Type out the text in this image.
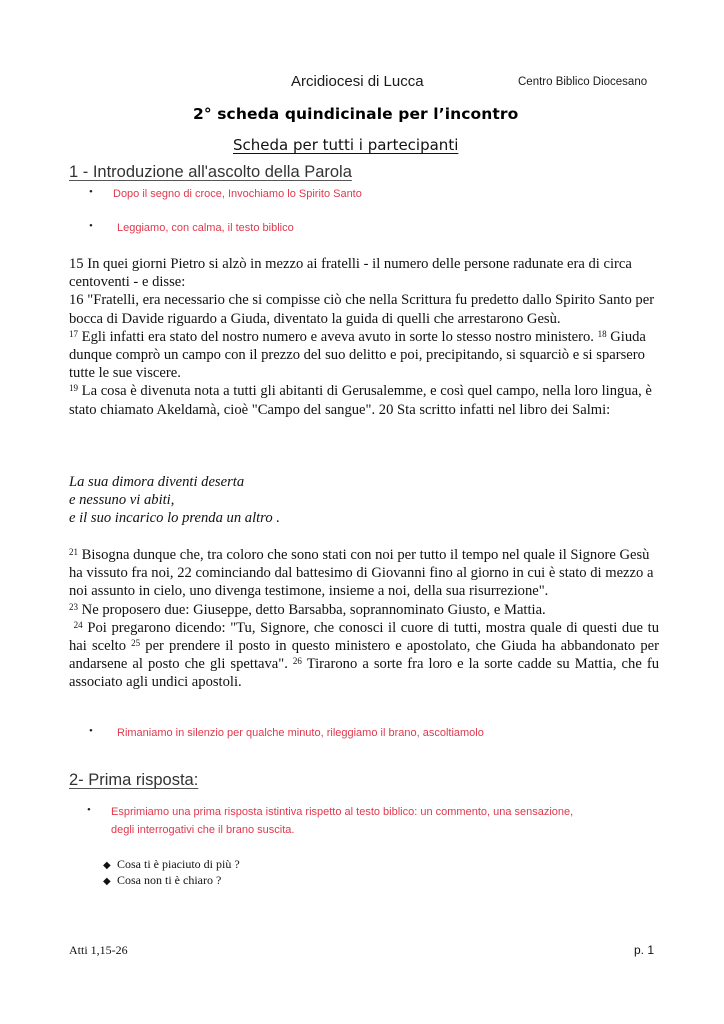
Arcidiocesi di Lucca	Centro Biblico Diocesano
2° scheda quindicinale per l’incontro
Scheda per tutti i partecipanti
1 - Introduzione all'ascolto della Parola
• Dopo il segno di croce, Invochiamo lo Spirito Santo
• Leggiamo, con calma, il testo biblico

15 In quei giorni Pietro si alzò in mezzo ai fratelli - il numero delle persone radunate era di circa centoventi - e disse:

16 "Fratelli, era necessario che si compisse ciò che nella Scrittura fu predetto dallo Spirito Santo per bocca di Davide riguardo a Giuda, diventato la guida di quelli che arrestarono Gesù.

$^{17}$ Egli infatti era stato del nostro numero e aveva avuto in sorte lo stesso nostro ministero. $^{18}$ Giuda dunque comprò un campo con il prezzo del suo delitto e poi, precipitando, si squarciò e si sparsero tutte le sue viscere.

$^{19}$ La cosa è divenuta nota a tutti gli abitanti di Gerusalemme, e così quel campo, nella loro lingua, è stato chiamato Akeldamà, cioè "Campo del sangue". 20 Sta scritto infatti nel libro dei Salmi:

La sua dimora diventi deserta

e nessuno vi abiti,

e il suo incarico lo prenda un altro .

$^{21}$ Bisogna dunque che, tra coloro che sono stati con noi per tutto il tempo nel quale il Signore Gesù ha vissuto fra noi, 22 cominciando dal battesimo di Giovanni fino al giorno in cui è stato di mezzo a noi assunto in cielo, uno divenga testimone, insieme a noi, della sua risurrezione".

$^{23}$ Ne proposero due: Giuseppe, detto Barsabba, soprannominato Giusto, e Mattia.

$^{24}$ Poi pregarono dicendo: "Tu, Signore, che conosci il cuore di tutti, mostra quale di questi due tu hai scelto $^{25}$ per prendere il posto in questo ministero e apostolato, che Giuda ha abbandonato per andarsene al posto che gli spettava". $^{26}$ Tirarono a sorte fra loro e la sorte cadde su Mattia, che fu associato agli undici apostoli.

• Rimaniamo in silenzio per qualche minuto, rileggiamo il brano, ascoltiamolo
2- Prima risposta:
• Esprimiamo una prima risposta istintiva rispetto al testo biblico: un commento, una sensazione,
degli interrogativi che il brano suscita.
◆ Cosa ti è piaciuto di più ?
◆ Cosa non ti è chiaro ?
Atti 1,15-26	p. 1
